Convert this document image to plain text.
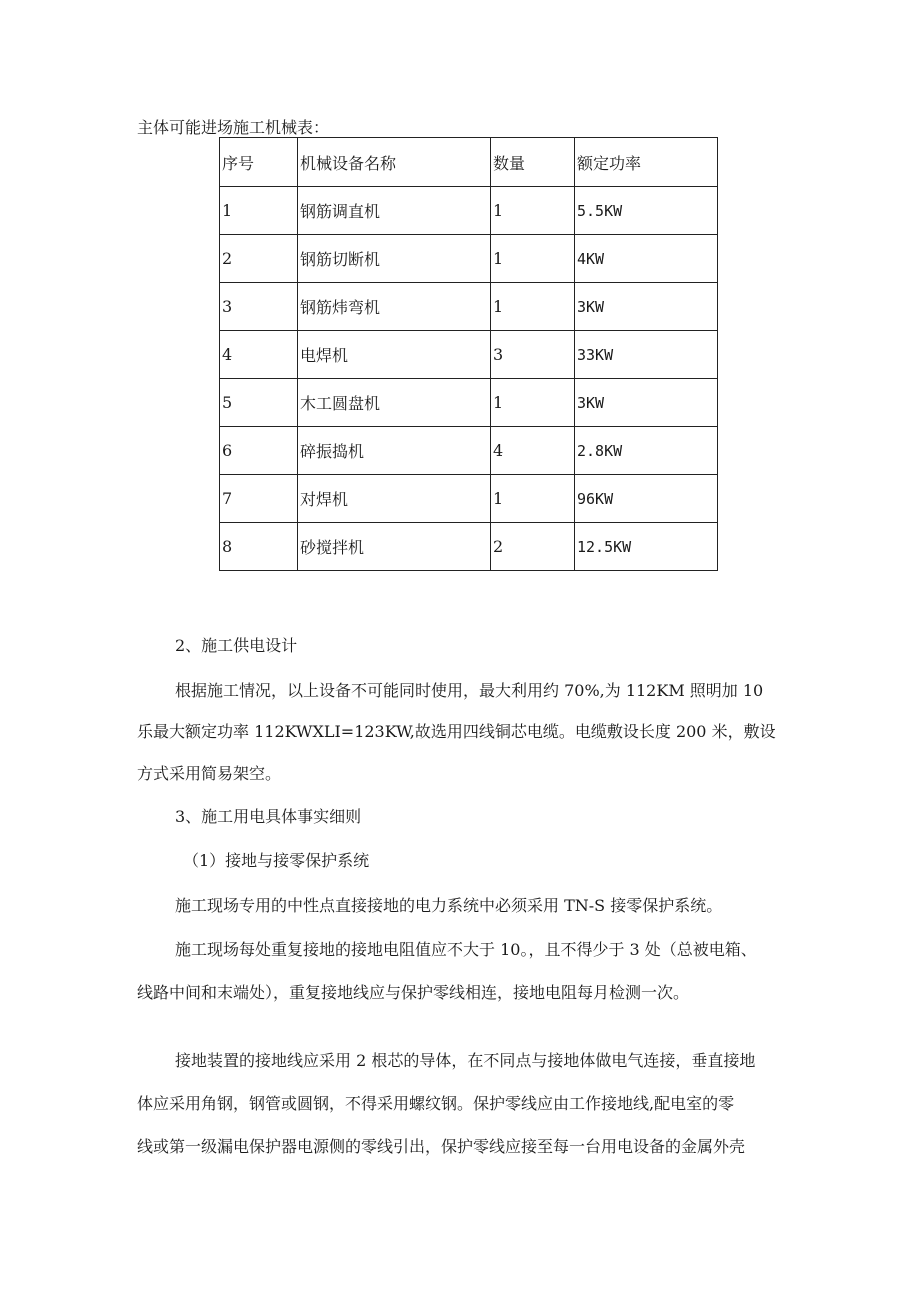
主体可能进场施工机械表：
序号	机械设备名称	数量	额定功率
1	钢筋调直机	1	5.5KW
2	钢筋切断机	1	4KW
3	钢筋炜弯机	1	3KW
4	电焊机	3	33KW
5	木工圆盘机	1	3KW
6	碎振捣机	4	2.8KW
7	对焊机	1	96KW
8	砂搅拌机	2	12.5KW
2、施工供电设计
根据施工情况，以上设备不可能同时使用，最大利用约 70%,为 112KM 照明加 10
乐最大额定功率 112KWXLI=123KW,故选用四线铜芯电缆。电缆敷设长度 200 米，敷设
方式采用简易架空。
3、施工用电具体事实细则
（1）接地与接零保护系统
施工现场专用的中性点直接接地的电力系统中必须采用 TN-S 接零保护系统。
施工现场每处重复接地的接地电阻值应不大于 10。，且不得少于 3 处（总被电箱、
线路中间和末端处），重复接地线应与保护零线相连，接地电阻每月检测一次。
接地装置的接地线应采用 2 根芯的导体，在不同点与接地体做电气连接，垂直接地
体应采用角钢，钢管或圆钢，不得采用螺纹钢。保护零线应由工作接地线,配电室的零
线或第一级漏电保护器电源侧的零线引出，保护零线应接至每一台用电设备的金属外壳
